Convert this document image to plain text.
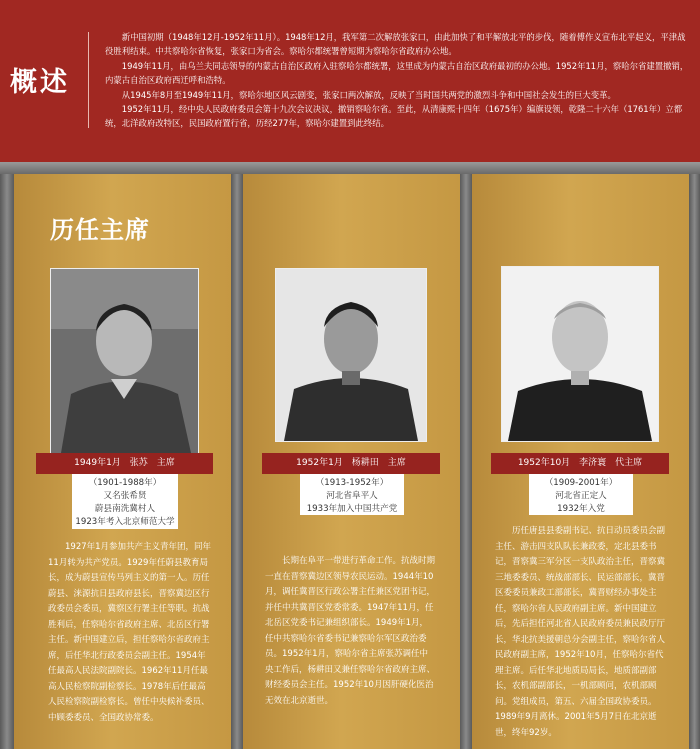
概述

新中国初期（1948年12月-1952年11月）。1948年12月，我军第二次解放张家口，由此加快了和平解放北平的步伐，随着傅作义宣布北平起义，平津战役胜利结束。中共察哈尔省恢复，张家口为省会。察哈尔都统署曾短期为察哈尔省政府办公地。

1949年11月，由乌兰夫同志领导的内蒙古自治区政府入驻察哈尔都统署，这里成为内蒙古自治区政府最初的办公地。1952年11月，察哈尔省建置撤销，内蒙古自治区政府西迁呼和浩特。

从1945年8月至1949年11月，察哈尔地区风云剧变，张家口两次解放，反映了当时国共两党的激烈斗争和中国社会发生的巨大变革。

1952年11月，经中央人民政府委员会第十九次会议决议，撤销察哈尔省。至此，从清康熙十四年（1675年）编旗设领，乾隆二十六年（1761年）立都统，北洋政府改特区，民国政府置行省，历经277年，察哈尔建置到此终结。

历任主席
1949年1月　张苏　主席
（1901-1988年）
又名张希贤
蔚县南洗冀村人
1923年考入北京师范大学

1927年1月参加共产主义青年团，同年11月转为共产党员。1929年任蔚县教育局长，成为蔚县宣传马列主义的第一人。历任蔚县、涞源抗日县政府县长，晋察冀边区行政委员会委员，冀察区行署主任等职。抗战胜利后，任察哈尔省政府主席、北岳区行署主任。新中国建立后，担任察哈尔省政府主席，后任华北行政委员会副主任。1954年任最高人民法院副院长。1962年11月任最高人民检察院副检察长。1978年后任最高人民检察院副检察长。曾任中央候补委员、中顾委委员、全国政协常委。

1952年1月　杨耕田　主席
（1913-1952年）
河北省阜平人
1933年加入中国共产党

长期在阜平一带进行革命工作。抗战时期一直在晋察冀边区领导农民运动。1944年10月，调任冀晋区行政公署主任兼区党团书记，并任中共冀晋区党委常委。1947年11月，任北岳区党委书记兼组织部长。1949年1月，任中共察哈尔省委书记兼察哈尔军区政治委员。1952年1月，察哈尔省主席张苏调任中央工作后，杨耕田又兼任察哈尔省政府主席、财经委员会主任。1952年10月因肝硬化医治无效在北京逝世。

1952年10月　李济寰　代主席
（1909-2001年）
河北省正定人
1932年入党

历任唐县县委副书记、抗日动员委员会副主任、游击四支队队长兼政委，定北县委书记，晋察冀三军分区一支队政治主任，晋察冀三地委委员、统战部部长、民运部部长，冀晋区委委员兼政工部部长，冀晋财经办事处主任，察哈尔省人民政府副主席。新中国建立后，先后担任河北省人民政府委员兼民政厅厅长，华北抗美援朝总分会副主任，察哈尔省人民政府副主席，1952年10月，任察哈尔省代理主席。后任华北地质局局长，地质部副部长，农机部副部长，一机部顾问，农机部顾问。党组成员，第五、六届全国政协委员。1989年9月离休。2001年5月7日在北京逝世，终年92岁。
